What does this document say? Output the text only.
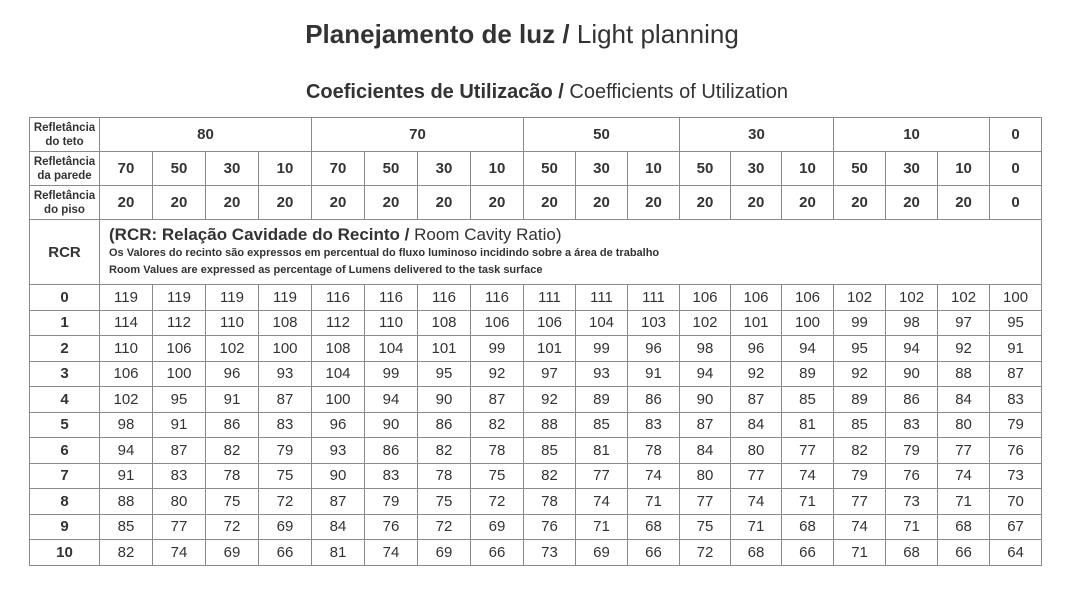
Planejamento de luz / Light planning
Coeficientes de Utilizacão / Coefficients of Utilization
Refletância
do teto	80				70				50			30			10			0
Refletância
da parede	70	50	30	10	70	50	30	10	50	30	10	50	30	10	50	30	10	0
Refletância
do piso	20	20	20	20	20	20	20	20	20	20	20	20	20	20	20	20	20	0
RCR	(RCR: Relação Cavidade do Recinto / Room Cavity Ratio)
Os Valores do recinto são expressos em percentual do fluxo luminoso incidindo sobre a área de trabalho
Room Values are expressed as percentage of Lumens delivered to the task surface																	

0	119	119	119	119	116	116	116	116	111	111	111	106	106	106	102	102	102	100
1	114	112	110	108	112	110	108	106	106	104	103	102	101	100	99	98	97	95
2	110	106	102	100	108	104	101	99	101	99	96	98	96	94	95	94	92	91
3	106	100	96	93	104	99	95	92	97	93	91	94	92	89	92	90	88	87
4	102	95	91	87	100	94	90	87	92	89	86	90	87	85	89	86	84	83
5	98	91	86	83	96	90	86	82	88	85	83	87	84	81	85	83	80	79
6	94	87	82	79	93	86	82	78	85	81	78	84	80	77	82	79	77	76
7	91	83	78	75	90	83	78	75	82	77	74	80	77	74	79	76	74	73
8	88	80	75	72	87	79	75	72	78	74	71	77	74	71	77	73	71	70
9	85	77	72	69	84	76	72	69	76	71	68	75	71	68	74	71	68	67
10	82	74	69	66	81	74	69	66	73	69	66	72	68	66	71	68	66	64
